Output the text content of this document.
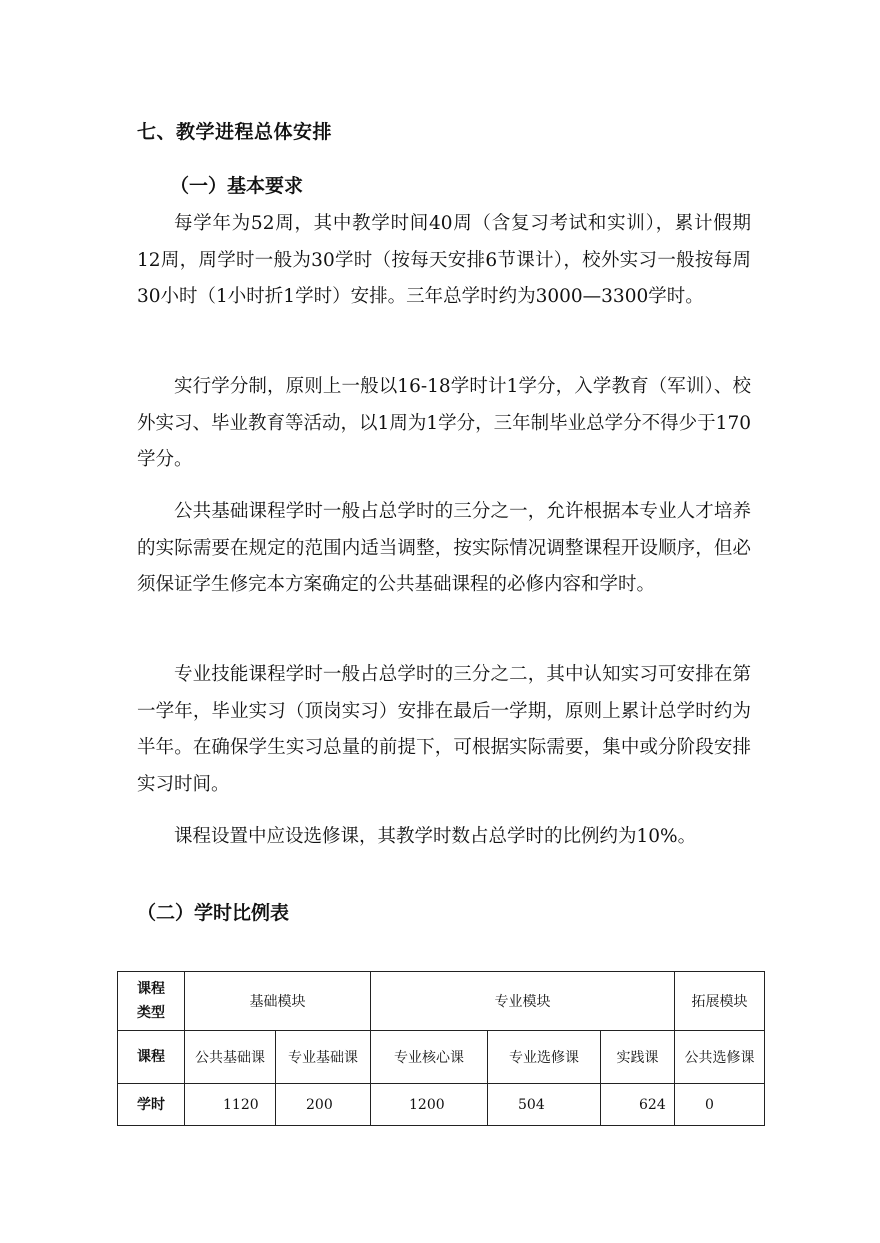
七、教学进程总体安排
（一）基本要求

每学年为52周，其中教学时间40周（含复习考试和实训），累计假期12周，周学时一般为30学时（按每天安排6节课计），校外实习一般按每周30小时（1小时折1学时）安排。三年总学时约为3000—3300学时。

实行学分制，原则上一般以16-18学时计1学分，入学教育（军训）、校外实习、毕业教育等活动，以1周为1学分，三年制毕业总学分不得少于170学分。

公共基础课程学时一般占总学时的三分之一，允许根据本专业人才培养的实际需要在规定的范围内适当调整，按实际情况调整课程开设顺序，但必须保证学生修完本方案确定的公共基础课程的必修内容和学时。

专业技能课程学时一般占总学时的三分之二，其中认知实习可安排在第一学年，毕业实习（顶岗实习）安排在最后一学期，原则上累计总学时约为半年。在确保学生实习总量的前提下，可根据实际需要，集中或分阶段安排实习时间。

课程设置中应设选修课，其教学时数占总学时的比例约为10%。

（二）学时比例表
课程
类型	基础模块		专业模块			拓展模块
课程	公共基础课	专业基础课	专业核心课	专业选修课	实践课	公共选修课
学时	1120	200	1200	504	624	0
